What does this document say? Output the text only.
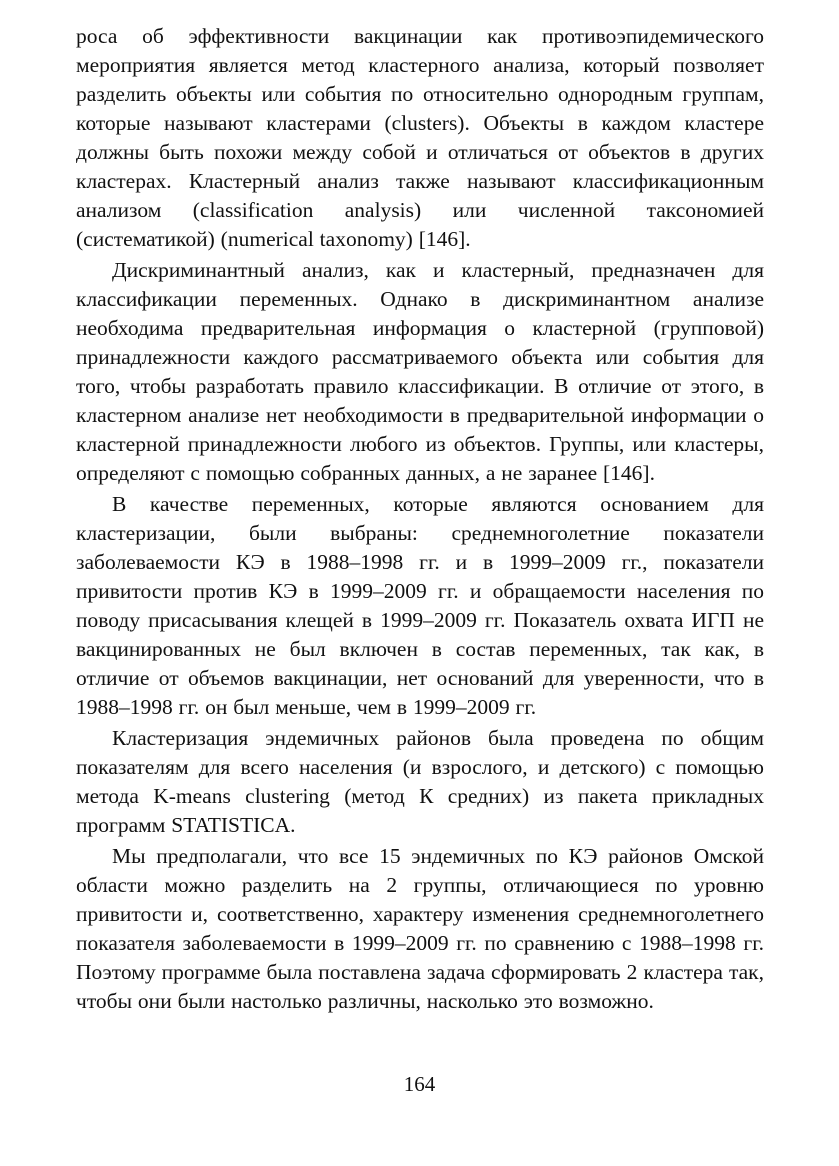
роса об эффективности вакцинации как противоэпидемического мероприятия является метод кластерного анализа, который позволяет разделить объекты или события по относительно однородным группам, которые называют кластерами (clusters). Объекты в каждом кластере должны быть похожи между собой и отличаться от объектов в других кластерах. Кластерный анализ также называют классификационным анализом (classification analysis) или численной таксономией (систематикой) (numerical taxonomy) [146].

Дискриминантный анализ, как и кластерный, предназначен для классификации переменных. Однако в дискриминантном анализе необходима предварительная информация о кластерной (групповой) принадлежности каждого рассматриваемого объекта или события для того, чтобы разработать правило классификации. В отличие от этого, в кластерном анализе нет необходимости в предварительной информации о кластерной принадлежности любого из объектов. Группы, или кластеры, определяют с помощью собранных данных, а не заранее [146].

В качестве переменных, которые являются основанием для кластеризации, были выбраны: среднемноголетние показатели заболеваемости КЭ в 1988–1998 гг. и в 1999–2009 гг., показатели привитости против КЭ в 1999–2009 гг. и обращаемости населения по поводу присасывания клещей в 1999–2009 гг. Показатель охвата ИГП не вакцинированных не был включен в состав переменных, так как, в отличие от объемов вакцинации, нет оснований для уверенности, что в 1988–1998 гг. он был меньше, чем в 1999–2009 гг.

Кластеризация эндемичных районов была проведена по общим показателям для всего населения (и взрослого, и детского) с помощью метода K-means clustering (метод К средних) из пакета прикладных программ STATISTICA.

Мы предполагали, что все 15 эндемичных по КЭ районов Омской области можно разделить на 2 группы, отличающиеся по уровню привитости и, соответственно, характеру изменения среднемноголетнего показателя заболеваемости в 1999–2009 гг. по сравнению с 1988–1998 гг. Поэтому программе была поставлена задача сформировать 2 кластера так, чтобы они были настолько различны, насколько это возможно.

164
